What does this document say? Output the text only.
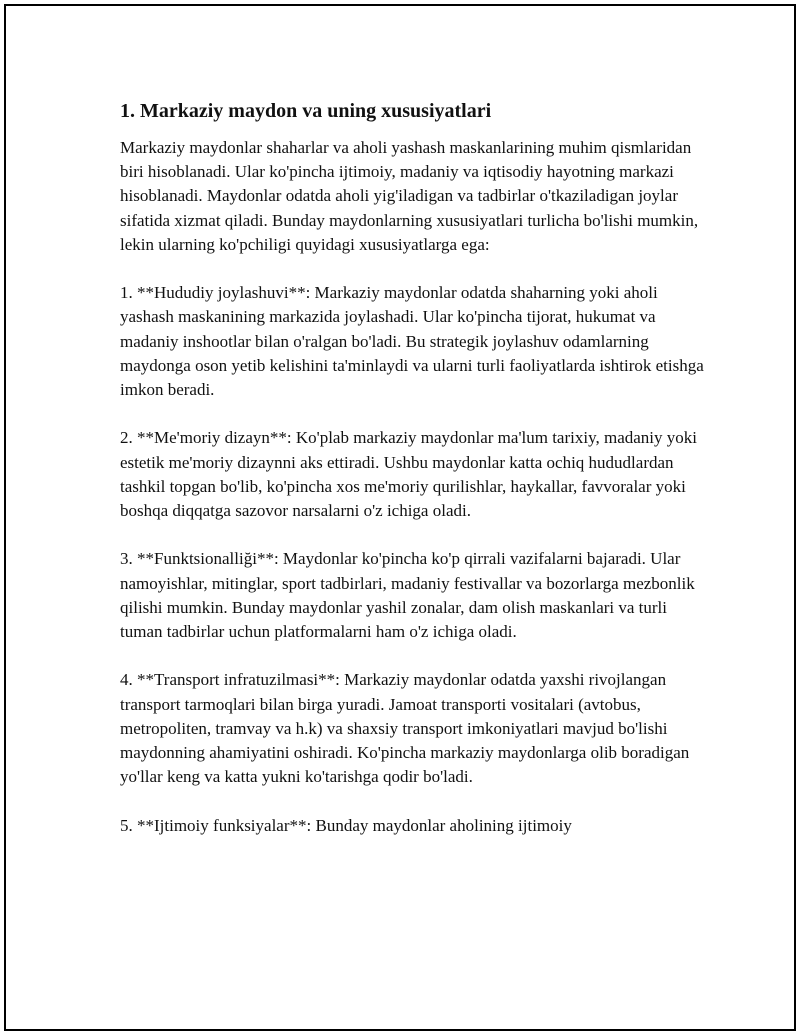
1. Markaziy maydon va uning xususiyatlari

Markaziy maydonlar shaharlar va aholi yashash maskanlarining muhim qismlaridan biri hisoblanadi. Ular ko'pincha ijtimoiy, madaniy va iqtisodiy hayotning markazi hisoblanadi. Maydonlar odatda aholi yig'iladigan va tadbirlar o'tkaziladigan joylar sifatida xizmat qiladi. Bunday maydonlarning xususiyatlari turlicha bo'lishi mumkin, lekin ularning ko'pchiligi quyidagi xususiyatlarga ega:

1. **Hududiy joylashuvi**: Markaziy maydonlar odatda shaharning yoki aholi yashash maskanining markazida joylashadi. Ular ko'pincha tijorat, hukumat va madaniy inshootlar bilan o'ralgan bo'ladi. Bu strategik joylashuv odamlarning maydonga oson yetib kelishini ta'minlaydi va ularni turli faoliyatlarda ishtirok etishga imkon beradi.

2. **Me'moriy dizayn**: Ko'plab markaziy maydonlar ma'lum tarixiy, madaniy yoki estetik me'moriy dizaynni aks ettiradi. Ushbu maydonlar katta ochiq hududlardan tashkil topgan bo'lib, ko'pincha xos me'moriy qurilishlar, haykallar, favvoralar yoki boshqa diqqatga sazovor narsalarni o'z ichiga oladi.

3. **Funktsionalliği**: Maydonlar ko'pincha ko'p qirrali vazifalarni bajaradi. Ular namoyishlar, mitinglar, sport tadbirlari, madaniy festivallar va bozorlarga mezbonlik qilishi mumkin. Bunday maydonlar yashil zonalar, dam olish maskanlari va turli tuman tadbirlar uchun platformalarni ham o'z ichiga oladi.

4. **Transport infratuzilmasi**: Markaziy maydonlar odatda yaxshi rivojlangan transport tarmoqlari bilan birga yuradi. Jamoat transporti vositalari (avtobus, metropoliten, tramvay va h.k) va shaxsiy transport imkoniyatlari mavjud bo'lishi maydonning ahamiyatini oshiradi. Ko'pincha markaziy maydonlarga olib boradigan yo'llar keng va katta yukni ko'tarishga qodir bo'ladi.

5. **Ijtimoiy funksiyalar**: Bunday maydonlar aholining ijtimoiy
